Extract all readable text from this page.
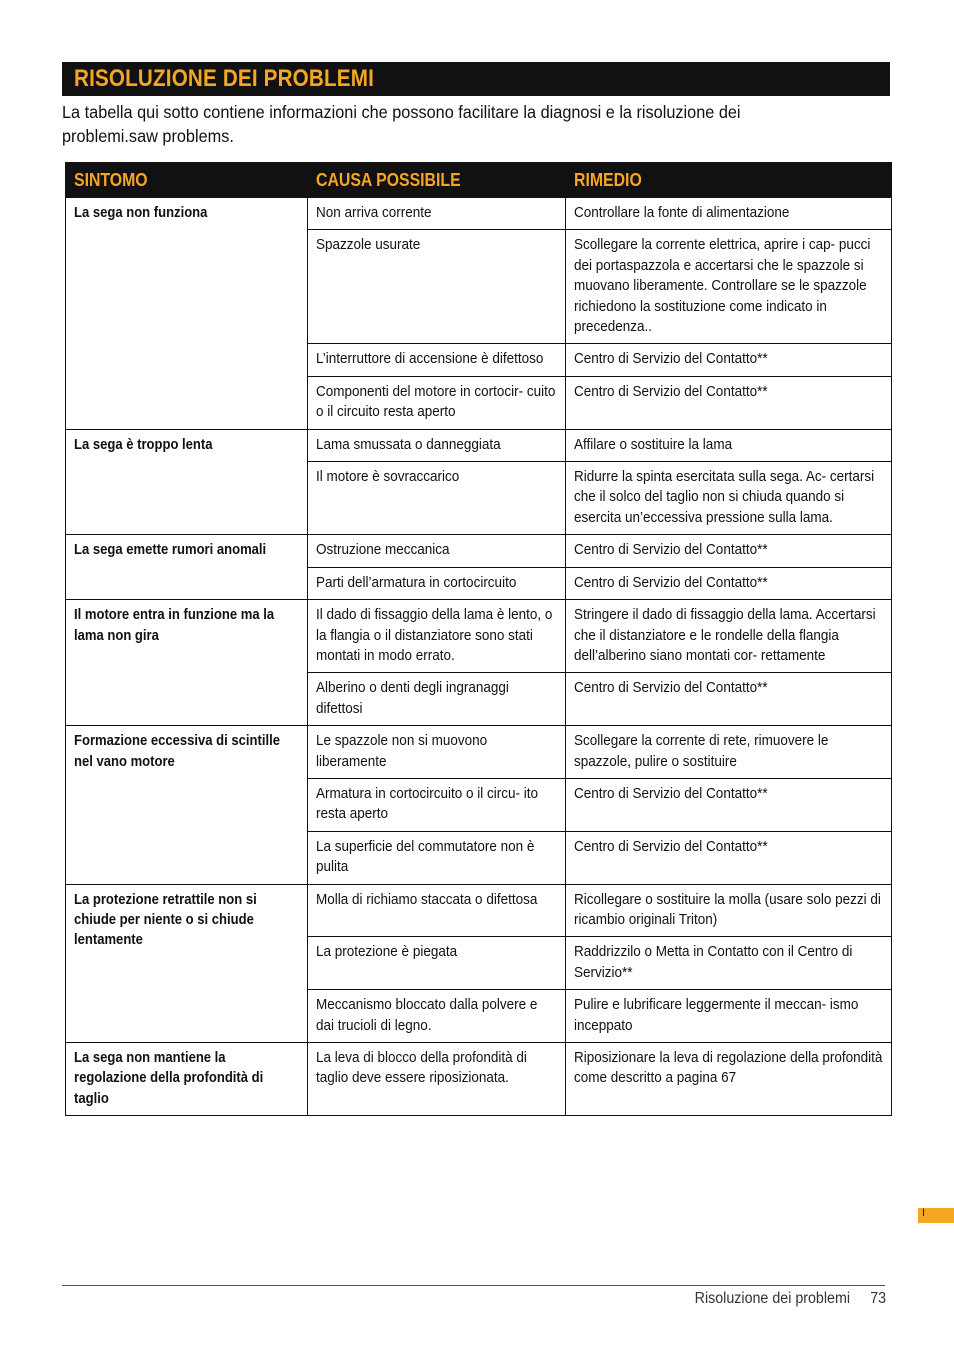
RISOLUZIONE DEI PROBLEMI
La tabella qui sotto contiene informazioni che possono facilitare la diagnosi e la risoluzione dei problemi.saw problems.
SINTOMO	CAUSA POSSIBILE	RIMEDIO
La sega non funziona	Non arriva corrente	Controllare la fonte di alimentazione
	Spazzole usurate	Scollegare la corrente elettrica, aprire i cap- pucci dei portaspazzola e accertarsi che le spazzole si muovano liberamente. Controllare se le spazzole richiedono la sostituzione come indicato in precedenza..
	L’interruttore di accensione è difettoso	Centro di Servizio del Contatto**
	Componenti del motore in cortocir- cuito o il circuito resta aperto	Centro di Servizio del Contatto**
La sega è troppo lenta	Lama smussata o danneggiata	Affilare o sostituire la lama
	Il motore è sovraccarico	Ridurre la spinta esercitata sulla sega. Ac- certarsi che il solco del taglio non si chiuda quando si esercita un’eccessiva pressione sulla lama.
La sega emette rumori anomali	Ostruzione meccanica	Centro di Servizio del Contatto**
	Parti dell’armatura in cortocircuito	Centro di Servizio del Contatto**
Il motore entra in funzione ma la lama non gira	Il dado di fissaggio della lama è lento, o la flangia o il distanziatore sono stati montati in modo errato.	Stringere il dado di fissaggio della lama. Accertarsi che il distanziatore e le rondelle della flangia dell’alberino siano montati cor- rettamente
	Alberino o denti degli ingranaggi difettosi	Centro di Servizio del Contatto**
Formazione eccessiva di scintille nel vano motore	Le spazzole non si muovono liberamente	Scollegare la corrente di rete, rimuovere le spazzole, pulire o sostituire
	Armatura in cortocircuito o il circu- ito resta aperto	Centro di Servizio del Contatto**
	La superficie del commutatore non è pulita	Centro di Servizio del Contatto**
La protezione retrattile non si chiude per niente o si chiude lentamente	Molla di richiamo staccata o difettosa	Ricollegare o sostituire la molla (usare solo pezzi di ricambio originali Triton)
	La protezione è piegata	Raddrizzilo o Metta in Contatto con il Centro di Servizio**
	Meccanismo bloccato dalla polvere e dai trucioli di legno.	Pulire e lubrificare leggermente il meccan- ismo inceppato
La sega non mantiene la regolazione della profondità di taglio	La leva di blocco della profondità di taglio deve essere riposizionata.	Riposizionare la leva di regolazione della profondità come descritto a pagina 67
I
Risoluzione dei problemi 73
